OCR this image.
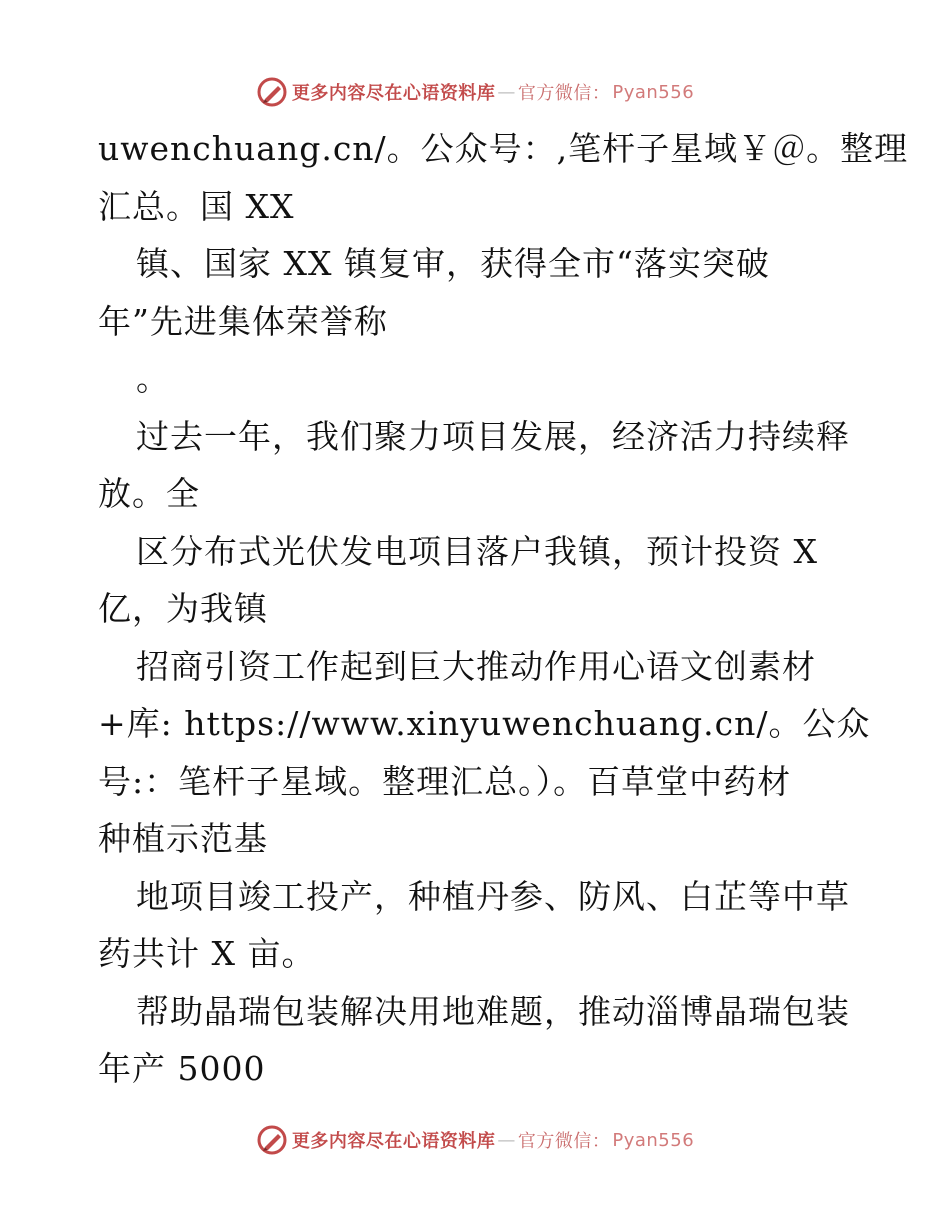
更多内容尽在心语资料库 — 官方微信： Pyan556
uwenchuang.cn/。公众号：,笔杆子星域￥＠。整理
汇总。国 XX
镇、国家 XX 镇复审，获得全市“落实突破
年”先进集体荣誉称
。
过去一年，我们聚力项目发展，经济活力持续释
放。全
区分布式光伏发电项目落户我镇，预计投资 X
亿，为我镇
招商引资工作起到巨大推动作用心语文创素材
+库: https://www.xinyuwenchuang.cn/。公众
号:：笔杆子星域。整理汇总。）。百草堂中药材
种植示范基
地项目竣工投产，种植丹参、防风、白芷等中草
药共计 X 亩。
帮助晶瑞包装解决用地难题，推动淄博晶瑞包装
年产 5000
更多内容尽在心语资料库 — 官方微信： Pyan556
